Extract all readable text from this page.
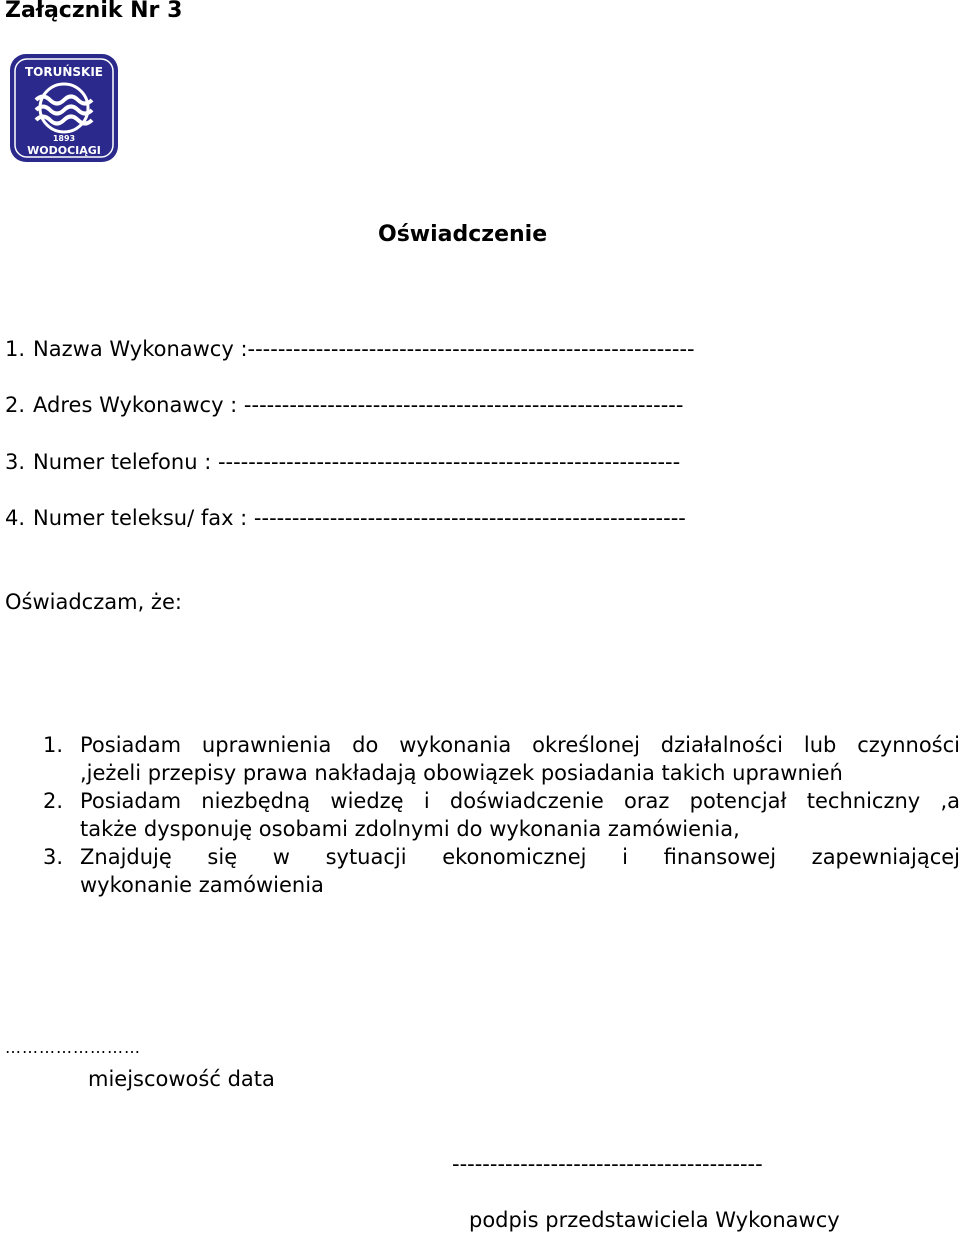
Załącznik Nr 3
TORUŃSKIE
1893
WODOCIĄGI
Oświadczenie
1. Nazwa Wykonawcy :-----------------------------------------------------------
2. Adres Wykonawcy : ----------------------------------------------------------
3. Numer telefonu : -------------------------------------------------------------
4. Numer teleksu/ fax : ---------------------------------------------------------
Oświadczam, że:
1. Posiadam uprawnienia do wykonania określonej działalności lub czynności
,jeżeli przepisy prawa nakładają obowiązek posiadania takich uprawnień
2. Posiadam niezbędną wiedzę i doświadczenie oraz potencjał techniczny ,a
także dysponuję osobami zdolnymi do wykonania zamówienia,
3. Znajduję się w sytuacji ekonomicznej i finansowej zapewniającej
wykonanie zamówienia
……………………
miejscowość data
-----------------------------------------
podpis przedstawiciela Wykonawcy
